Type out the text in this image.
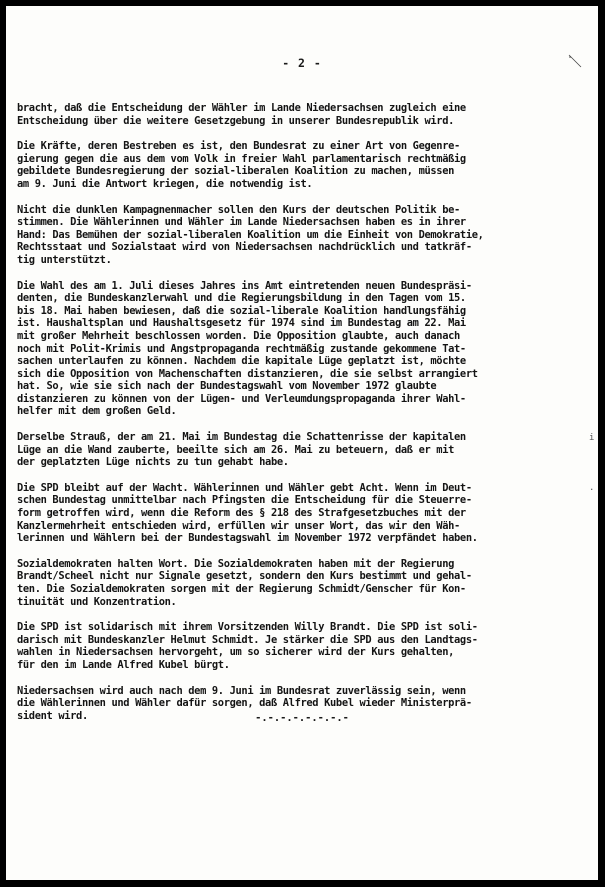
- 2 -
bracht, daß die Entscheidung der Wähler im Lande Niedersachsen zugleich eine
Entscheidung über die weitere Gesetzgebung in unserer Bundesrepublik wird.
Die Kräfte, deren Bestreben es ist, den Bundesrat zu einer Art von Gegenre-
gierung gegen die aus dem vom Volk in freier Wahl parlamentarisch rechtmäßig
gebildete Bundesregierung der sozial-liberalen Koalition zu machen, müssen
am 9. Juni die Antwort kriegen, die notwendig ist.
Nicht die dunklen Kampagnenmacher sollen den Kurs der deutschen Politik be-
stimmen. Die Wählerinnen und Wähler im Lande Niedersachsen haben es in ihrer
Hand: Das Bemühen der sozial-liberalen Koalition um die Einheit von Demokratie,
Rechtsstaat und Sozialstaat wird von Niedersachsen nachdrücklich und tatkräf-
tig unterstützt.
Die Wahl des am 1. Juli dieses Jahres ins Amt eintretenden neuen Bundespräsi-
denten, die Bundeskanzlerwahl und die Regierungsbildung in den Tagen vom 15.
bis 18. Mai haben bewiesen, daß die sozial-liberale Koalition handlungsfähig
ist. Haushaltsplan und Haushaltsgesetz für 1974 sind im Bundestag am 22. Mai
mit großer Mehrheit beschlossen worden. Die Opposition glaubte, auch danach
noch mit Polit-Krimis und Angstpropaganda rechtmäßig zustande gekommene Tat-
sachen unterlaufen zu können. Nachdem die kapitale Lüge geplatzt ist, möchte
sich die Opposition von Machenschaften distanzieren, die sie selbst arrangiert
hat. So, wie sie sich nach der Bundestagswahl vom November 1972 glaubte
distanzieren zu können von der Lügen- und Verleumdungspropaganda ihrer Wahl-
helfer mit dem großen Geld.
Derselbe Strauß, der am 21. Mai im Bundestag die Schattenrisse der kapitalen
Lüge an die Wand zauberte, beeilte sich am 26. Mai zu beteuern, daß er mit
der geplatzten Lüge nichts zu tun gehabt habe.
Die SPD bleibt auf der Wacht. Wählerinnen und Wähler gebt Acht. Wenn im Deut-
schen Bundestag unmittelbar nach Pfingsten die Entscheidung für die Steuerre-
form getroffen wird, wenn die Reform des § 218 des Strafgesetzbuches mit der
Kanzlermehrheit entschieden wird, erfüllen wir unser Wort, das wir den Wäh-
lerinnen und Wählern bei der Bundestagswahl im November 1972 verpfändet haben.
Sozialdemokraten halten Wort. Die Sozialdemokraten haben mit der Regierung
Brandt/Scheel nicht nur Signale gesetzt, sondern den Kurs bestimmt und gehal-
ten. Die Sozialdemokraten sorgen mit der Regierung Schmidt/Genscher für Kon-
tinuität und Konzentration.
Die SPD ist solidarisch mit ihrem Vorsitzenden Willy Brandt. Die SPD ist soli-
darisch mit Bundeskanzler Helmut Schmidt. Je stärker die SPD aus den Landtags-
wahlen in Niedersachsen hervorgeht, um so sicherer wird der Kurs gehalten,
für den im Lande Alfred Kubel bürgt.
Niedersachsen wird auch nach dem 9. Juni im Bundesrat zuverlässig sein, wenn
die Wählerinnen und Wähler dafür sorgen, daß Alfred Kubel wieder Ministerprä-
sident wird.	-.-.-.-.-.-.-.-
i
.
